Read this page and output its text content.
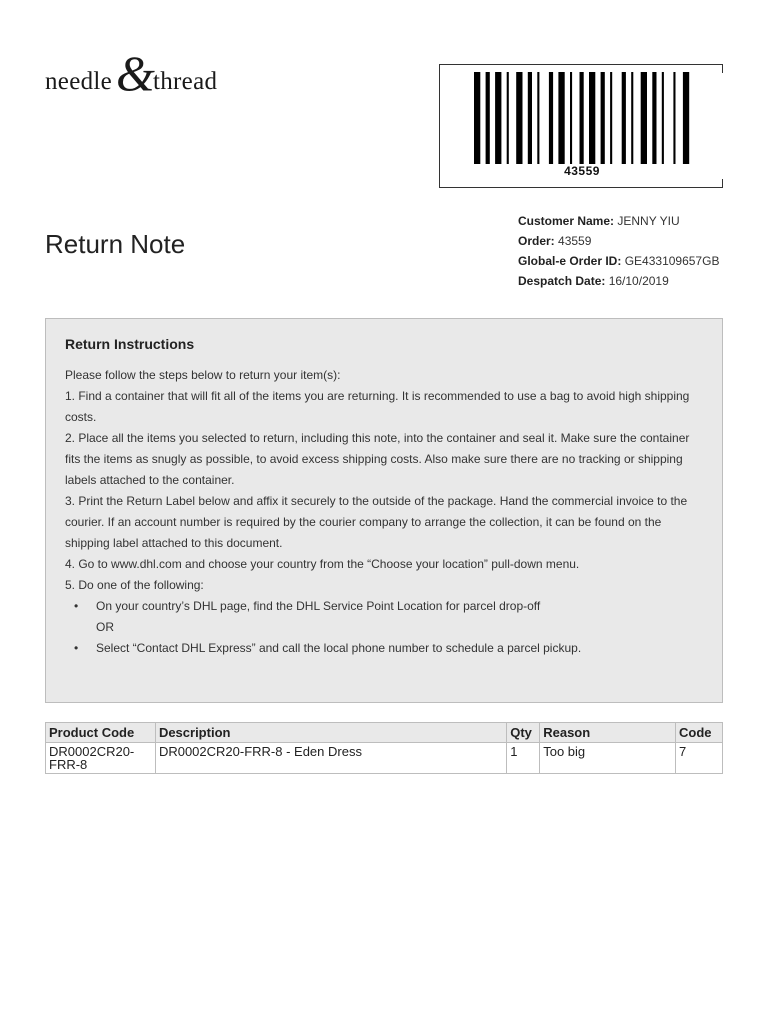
needle &
thread
43559
Return Note
Customer Name: JENNY YIU
Order: 43559
Global-e Order ID: GE433109657GB
Despatch Date: 16/10/2019
Return Instructions

Please follow the steps below to return your item(s):

1. Find a container that will fit all of the items you are returning. It is recommended to use a bag to avoid high shipping costs.

2. Place all the items you selected to return, including this note, into the container and seal it. Make sure the container fits the items as snugly as possible, to avoid excess shipping costs. Also make sure there are no tracking or shipping labels attached to the container.

3. Print the Return Label below and affix it securely to the outside of the package. Hand the commercial invoice to the courier. If an account number is required by the courier company to arrange the collection, it can be found on the shipping label attached to this document.

4. Go to www.dhl.com and choose your country from the “Choose your location” pull-down menu.

5. Do one of the following:

• On your country’s DHL page, find the DHL Service Point Location for parcel drop-off
OR
• Select “Contact DHL Express” and call the local phone number to schedule a parcel pickup.
Product Code	Description	Qty	Reason	Code
DR0002CR20-FRR-8	DR0002CR20-FRR-8 - Eden Dress	1	Too big	7
